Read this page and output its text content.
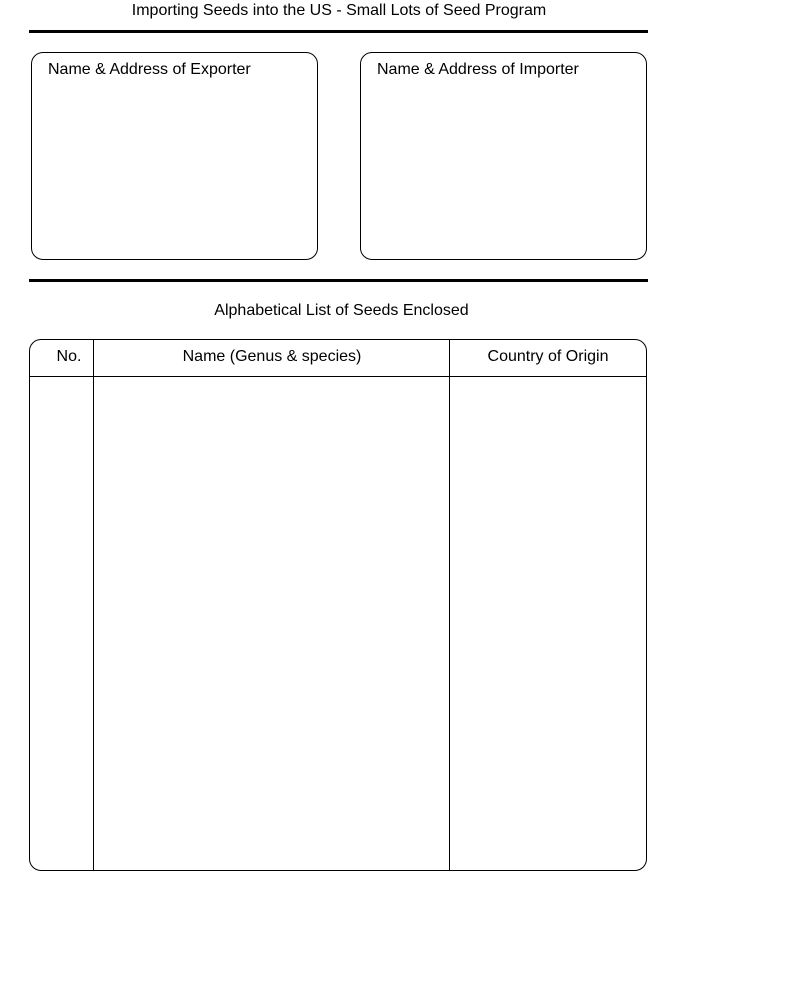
Importing Seeds into the US - Small Lots of Seed Program
Name & Address of Exporter	Name & Address of Importer
Alphabetical List of Seeds Enclosed
No.	Name (Genus & species)	Country of Origin
